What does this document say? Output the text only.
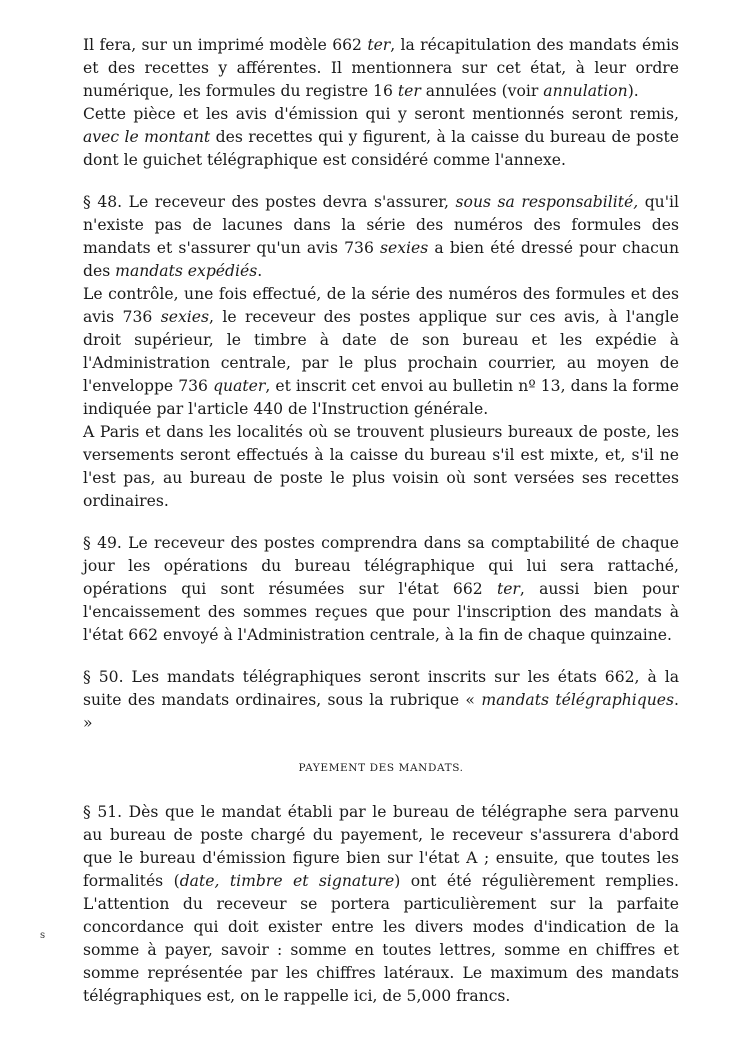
Il fera, sur un imprimé modèle 662 ter, la récapitulation des mandats émis et des recettes y afférentes. Il mentionnera sur cet état, à leur ordre numérique, les formules du registre 16 ter annulées (voir annulation).

Cette pièce et les avis d'émission qui y seront mentionnés seront remis, avec le montant des recettes qui y figurent, à la caisse du bureau de poste dont le guichet télégraphique est considéré comme l'annexe.

§ 48. Le receveur des postes devra s'assurer, sous sa responsabilité, qu'il n'existe pas de lacunes dans la série des numéros des formules des mandats et s'assurer qu'un avis 736 sexies a bien été dressé pour chacun des mandats expédiés.

Le contrôle, une fois effectué, de la série des numéros des formules et des avis 736 sexies, le receveur des postes applique sur ces avis, à l'angle droit supérieur, le timbre à date de son bureau et les expédie à l'Administration centrale, par le plus prochain courrier, au moyen de l'enveloppe 736 quater, et inscrit cet envoi au bulletin nº 13, dans la forme indiquée par l'article 440 de l'Instruction générale.

A Paris et dans les localités où se trouvent plusieurs bureaux de poste, les versements seront effectués à la caisse du bureau s'il est mixte, et, s'il ne l'est pas, au bureau de poste le plus voisin où sont versées ses recettes ordinaires.

§ 49. Le receveur des postes comprendra dans sa comptabilité de chaque jour les opérations du bureau télégraphique qui lui sera rattaché, opérations qui sont résumées sur l'état 662 ter, aussi bien pour l'encaissement des sommes reçues que pour l'inscription des mandats à l'état 662 envoyé à l'Administration centrale, à la fin de chaque quinzaine.

§ 50. Les mandats télégraphiques seront inscrits sur les états 662, à la suite des mandats ordinaires, sous la rubrique « mandats télégraphiques. »

PAYEMENT DES MANDATS.

§ 51. Dès que le mandat établi par le bureau de télégraphe sera parvenu au bureau de poste chargé du payement, le receveur s'assurera d'abord que le bureau d'émission figure bien sur l'état A ; ensuite, que toutes les formalités (date, timbre et signature) ont été régulièrement remplies. L'attention du receveur se portera particulièrement sur la parfaite concordance qui doit exister entre les divers modes d'indication de la somme à payer, savoir : somme en toutes lettres, somme en chiffres et somme représentée par les chiffres latéraux. Le maximum des mandats télégraphiques est, on le rappelle ici, de 5,000 francs.

s
